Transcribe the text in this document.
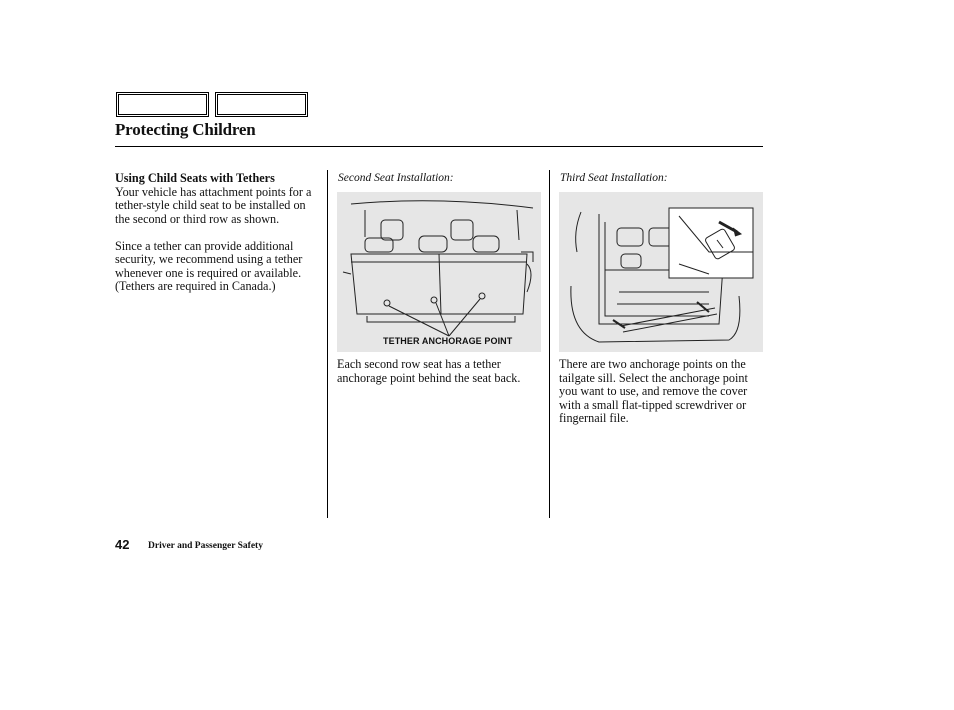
Protecting Children
Using Child Seats with Tethers

Your vehicle has attachment points for a tether-style child seat to be installed on the second or third row as shown.

Since a tether can provide additional security, we recommend using a tether whenever one is required or available. (Tethers are required in Canada.)

Second Seat Installation:
TETHER ANCHORAGE POINT

Each second row seat has a tether anchorage point behind the seat back.

Third Seat Installation:

There are two anchorage points on the tailgate sill. Select the anchorage point you want to use, and remove the cover with a small flat-tipped screwdriver or fingernail file.

42 Driver and Passenger Safety
